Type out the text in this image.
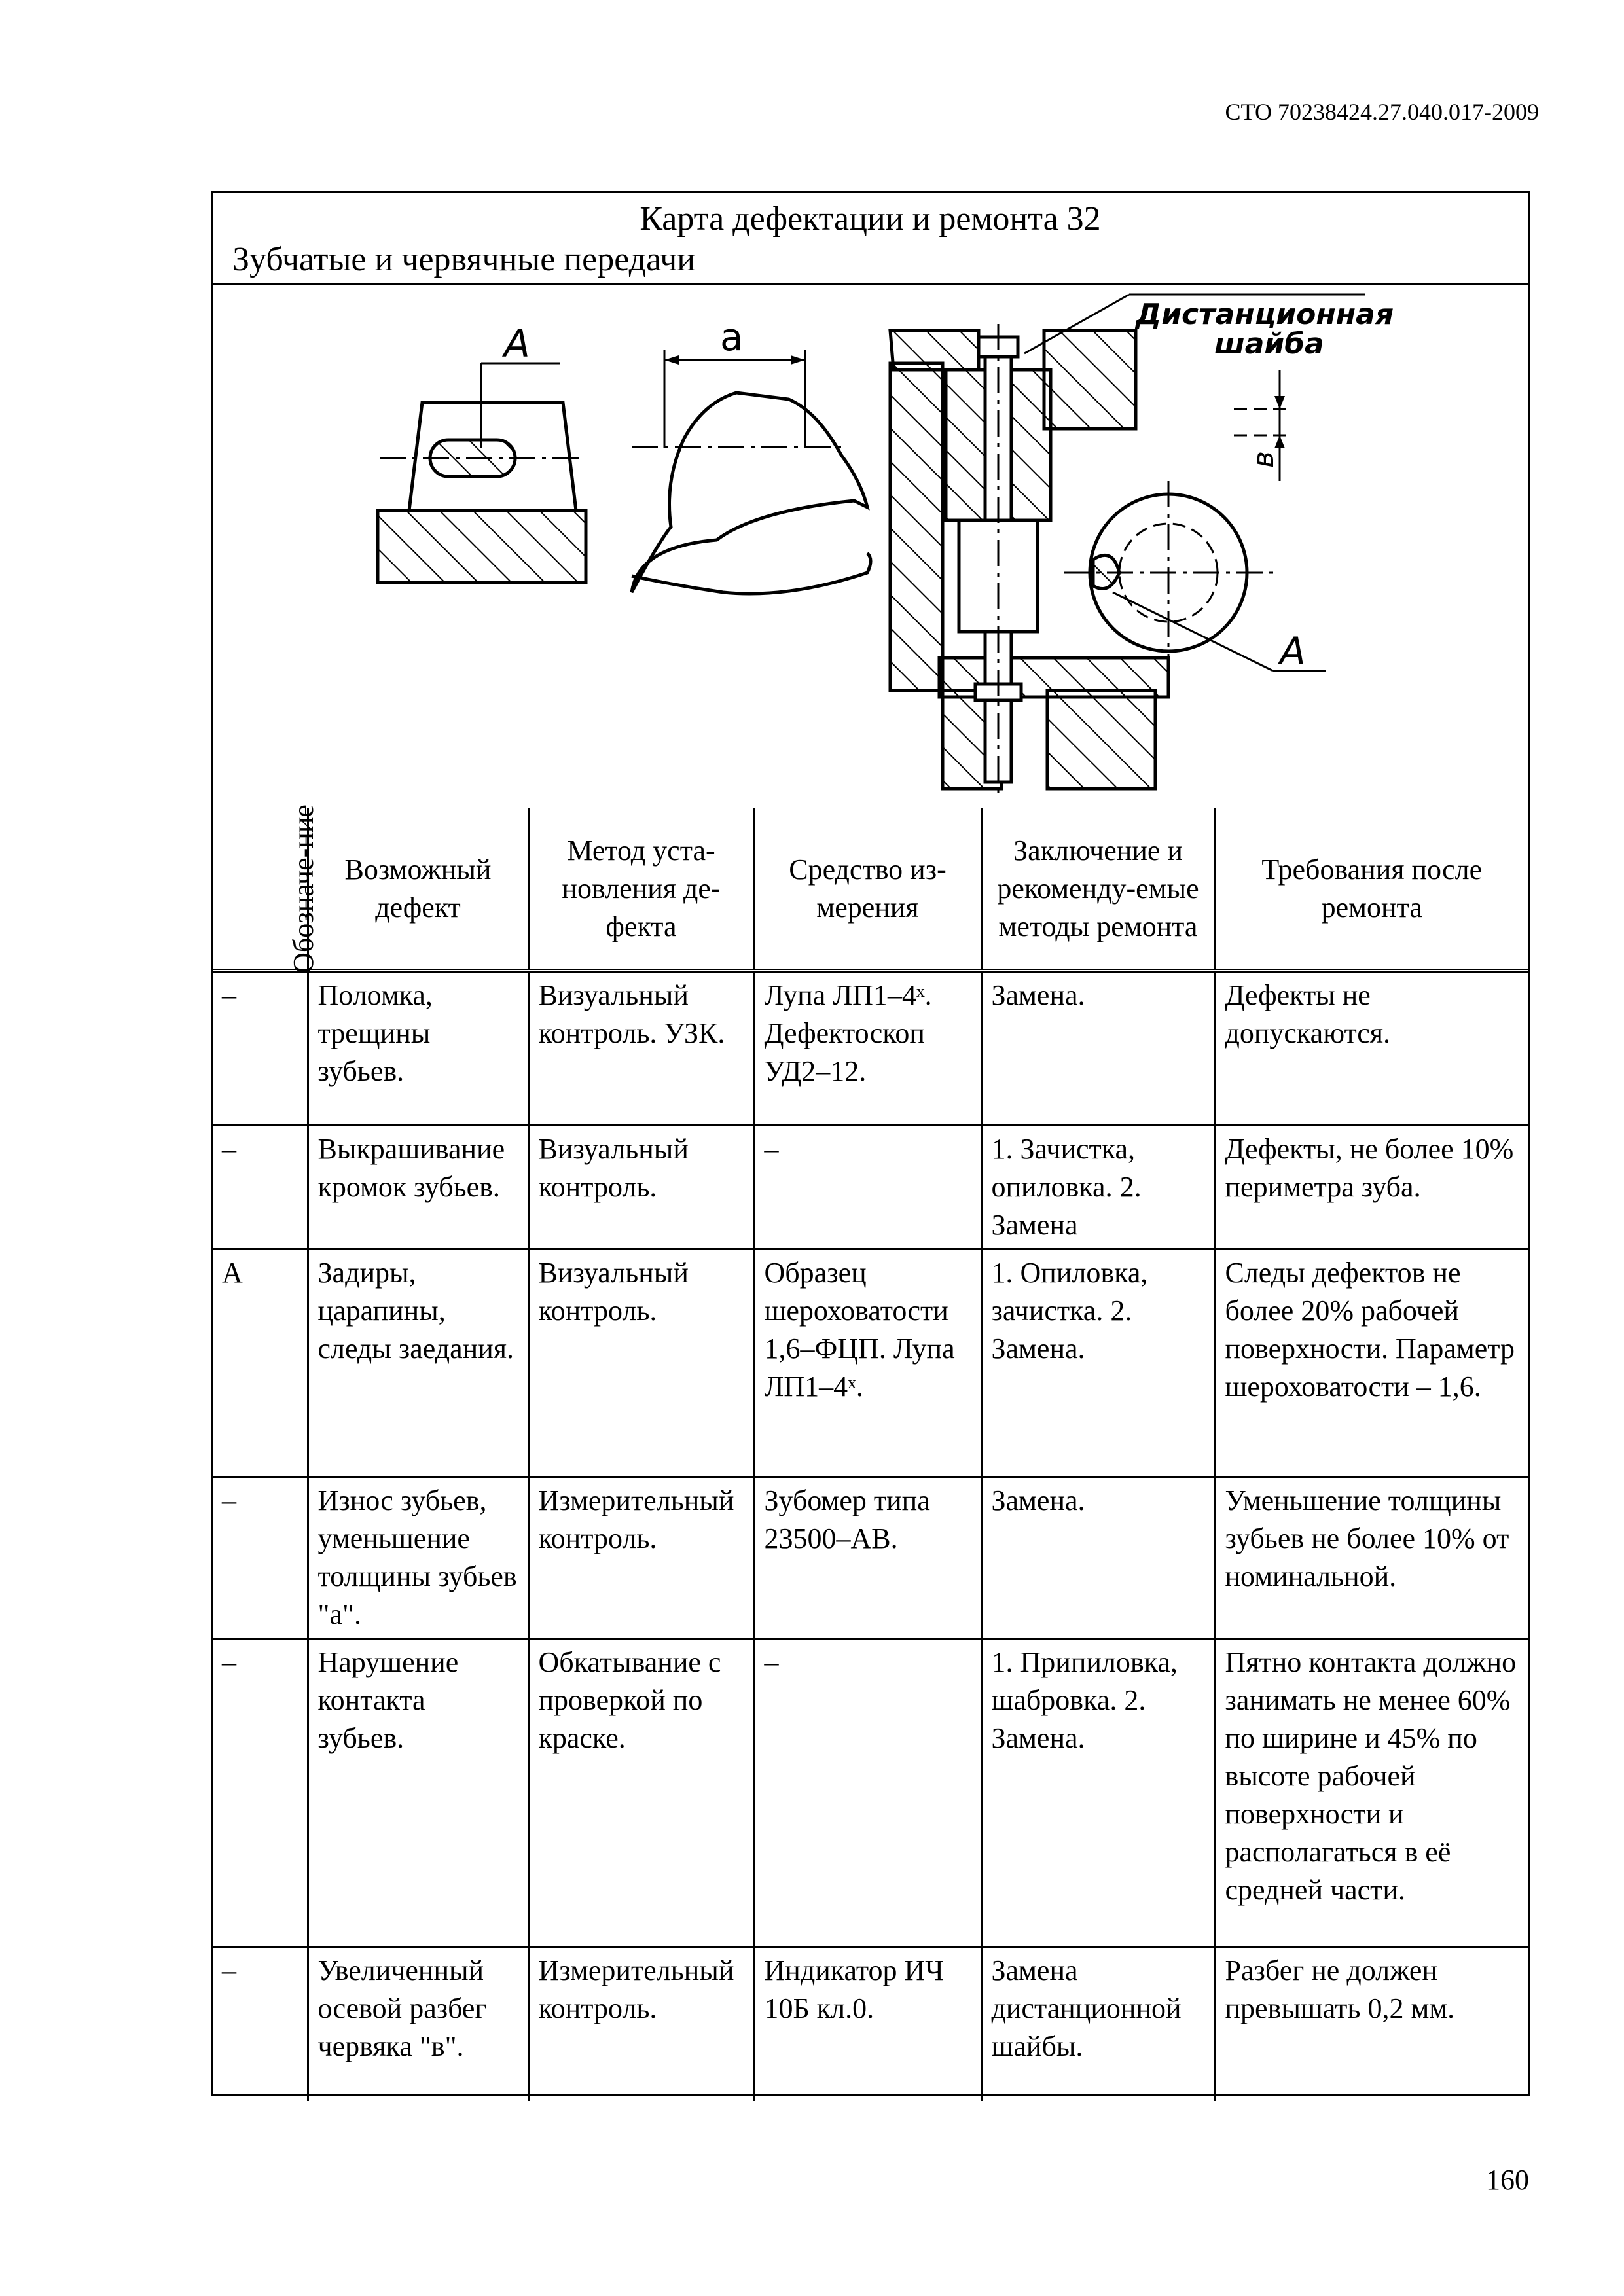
СТО 70238424.27.040.017-2009
Карта дефектации и ремонта 32
Зубчатые и червячные передачи
А	а
А
Дистанционная
шайба
в
Обозначе-ние	Возможный дефект	Метод уста-новления де-фекта	Средство из-мерения	Заключение и рекоменду-емые методы ремонта	Требования после ремонта
–	Поломка, трещины зубьев.	Визуальный контроль. УЗК.	Лупа ЛП1–4ˣ. Дефектоскоп УД2–12.	Замена.	Дефекты не допускаются.
–	Выкрашивание кромок зубьев.	Визуальный контроль.	–	1. Зачистка, опиловка. 2. Замена	Дефекты, не более 10% периметра зуба.
А	Задиры, царапины, следы заедания.	Визуальный контроль.	Образец шероховатости 1,6–ФЦП. Лупа ЛП1–4ˣ.	1. Опиловка, зачистка. 2. Замена.	Следы дефектов не более 20% рабочей поверхности. Параметр шероховатости – 1,6.
–	Износ зубьев, уменьшение толщины зубьев "а".	Измерительный контроль.	Зубомер типа 23500–АВ.	Замена.	Уменьшение толщины зубьев не более 10% от номинальной.
–	Нарушение контакта зубьев.	Обкатывание с проверкой по краске.	–	1. Припиловка, шабровка. 2. Замена.	Пятно контакта должно занимать не менее 60% по ширине и 45% по высоте рабочей поверхности и располагаться в её средней части.
–	Увеличенный осевой разбег червяка "в".	Измерительный контроль.	Индикатор ИЧ 10Б кл.0.	Замена дистанционной шайбы.	Разбег не должен превышать 0,2 мм.
160
